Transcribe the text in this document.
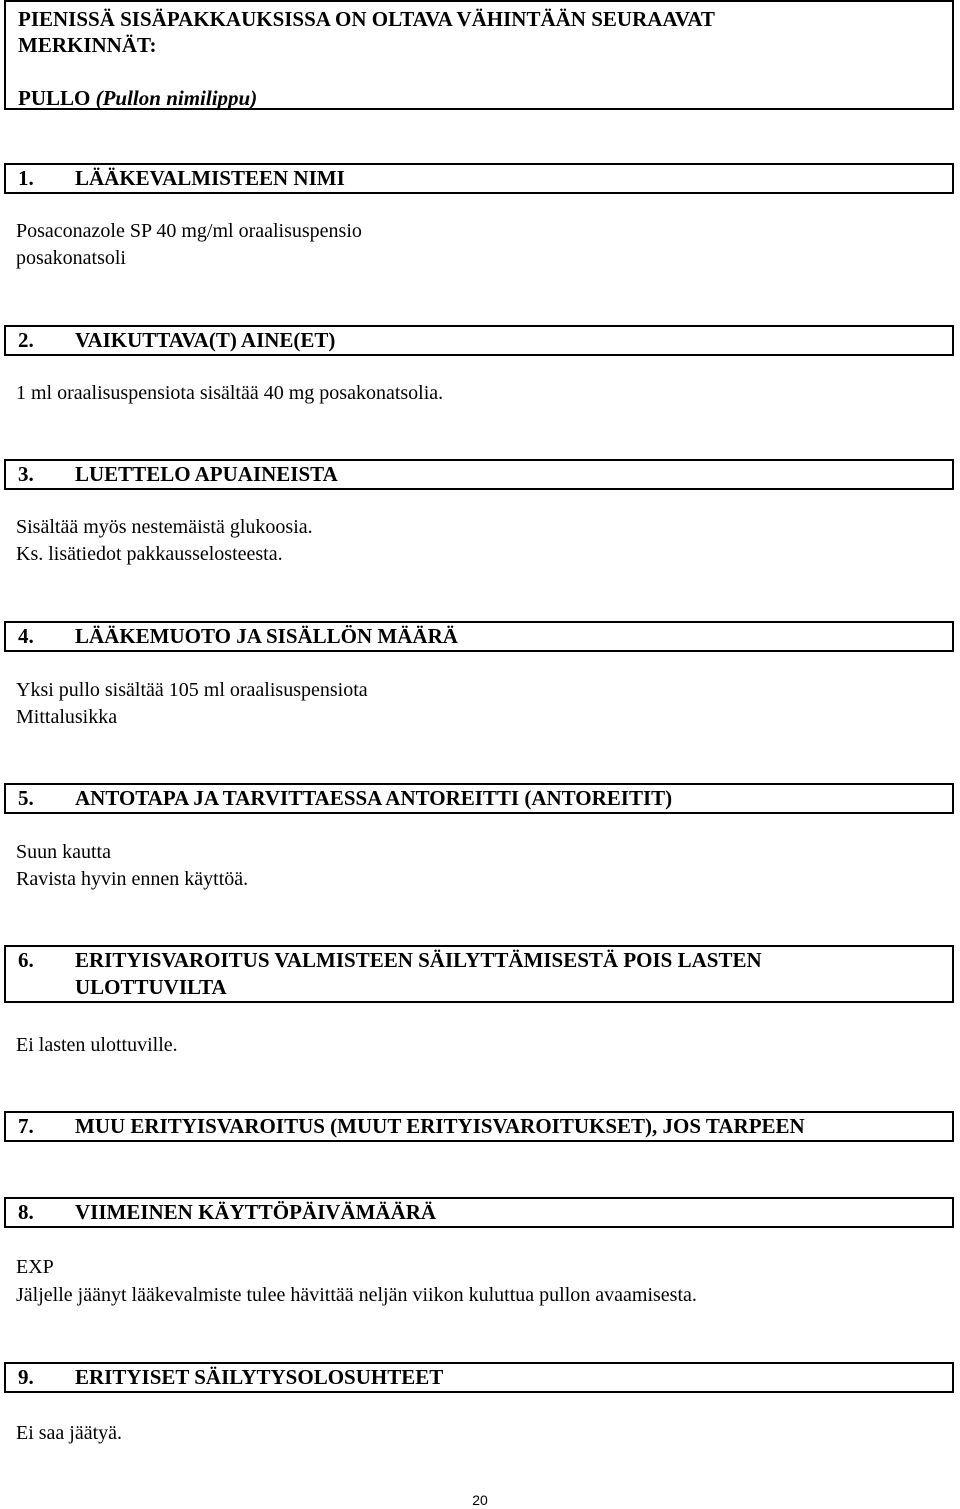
PIENISSÄ SISÄPAKKAUKSISSA ON OLTAVA VÄHINTÄÄN SEURAAVAT
MERKINNÄT:
PULLO (Pullon nimilippu)
1. LÄÄKEVALMISTEEN NIMI
Posaconazole SP 40 mg/ml oraalisuspensio
posakonatsoli
2. VAIKUTTAVA(T) AINE(ET)
1 ml oraalisuspensiota sisältää 40 mg posakonatsolia.
3. LUETTELO APUAINEISTA
Sisältää myös nestemäistä glukoosia.
Ks. lisätiedot pakkausselosteesta.
4. LÄÄKEMUOTO JA SISÄLLÖN MÄÄRÄ
Yksi pullo sisältää 105 ml oraalisuspensiota
Mittalusikka
5. ANTOTAPA JA TARVITTAESSA ANTOREITTI (ANTOREITIT)
Suun kautta
Ravista hyvin ennen käyttöä.
6. ERITYISVAROITUS VALMISTEEN SÄILYTTÄMISESTÄ POIS LASTEN
ULOTTUVILTA
Ei lasten ulottuville.
7. MUU ERITYISVAROITUS (MUUT ERITYISVAROITUKSET), JOS TARPEEN
8. VIIMEINEN KÄYTTÖPÄIVÄMÄÄRÄ
EXP
Jäljelle jäänyt lääkevalmiste tulee hävittää neljän viikon kuluttua pullon avaamisesta.
9. ERITYISET SÄILYTYSOLOSUHTEET
Ei saa jäätyä.
20
